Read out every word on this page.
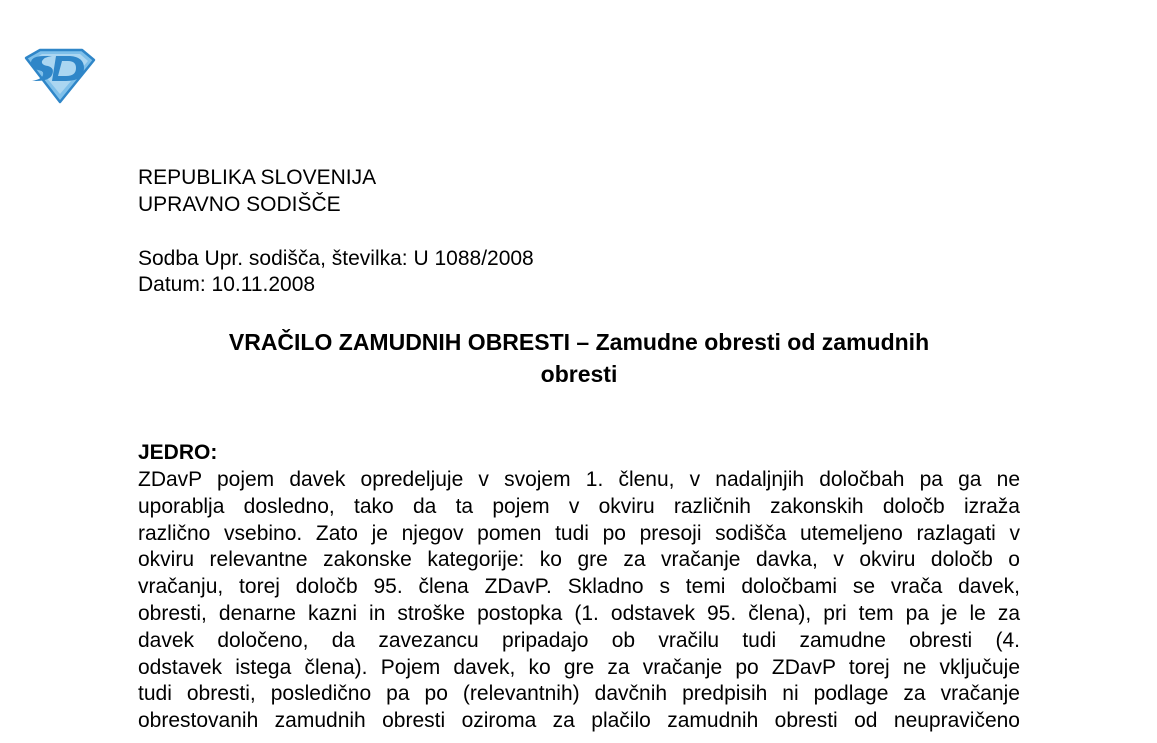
REPUBLIKA SLOVENIJA
UPRAVNO SODIŠČE
Sodba Upr. sodišča, številka: U 1088/2008
Datum: 10.11.2008
VRAČILO ZAMUDNIH OBRESTI – Zamudne obresti od zamudnih
obresti
JEDRO:
ZDavP pojem davek opredeljuje v svojem 1. členu, v nadaljnjih določbah pa ga ne
uporablja dosledno, tako da ta pojem v okviru različnih zakonskih določb izraža
različno vsebino. Zato je njegov pomen tudi po presoji sodišča utemeljeno razlagati v
okviru relevantne zakonske kategorije: ko gre za vračanje davka, v okviru določb o
vračanju, torej določb 95. člena ZDavP. Skladno s temi določbami se vrača davek,
obresti, denarne kazni in stroške postopka (1. odstavek 95. člena), pri tem pa je le za
davek določeno, da zavezancu pripadajo ob vračilu tudi zamudne obresti (4.
odstavek istega člena). Pojem davek, ko gre za vračanje po ZDavP torej ne vključuje
tudi obresti, posledično pa po (relevantnih) davčnih predpisih ni podlage za vračanje
obrestovanih zamudnih obresti oziroma za plačilo zamudnih obresti od neupravičeno
